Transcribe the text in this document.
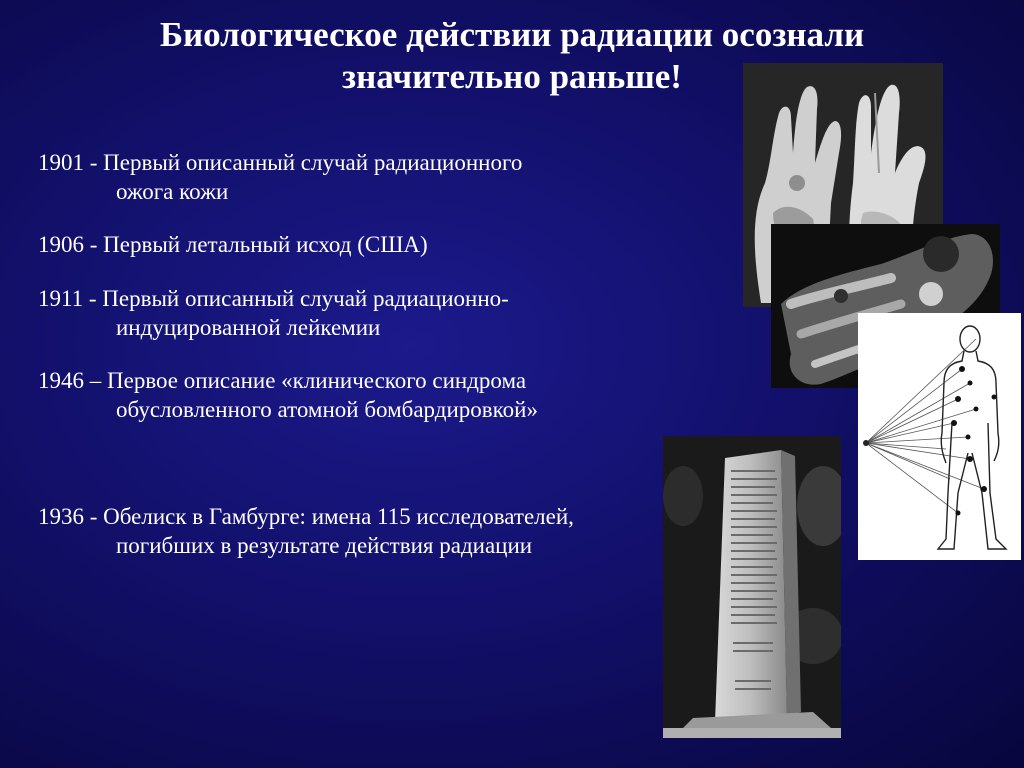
Биологическое действии радиации осознали
значительно раньше!
1901 - Первый описанный случай радиационного
ожога кожи
1906 - Первый летальный исход (США)
1911 - Первый описанный случай радиационно-
индуцированной лейкемии
1946 – Первое описание «клинического синдрома
обусловленного атомной бомбардировкой»
1936 - Обелиск в Гамбурге: имена 115 исследователей,
погибших в результате действия радиации
